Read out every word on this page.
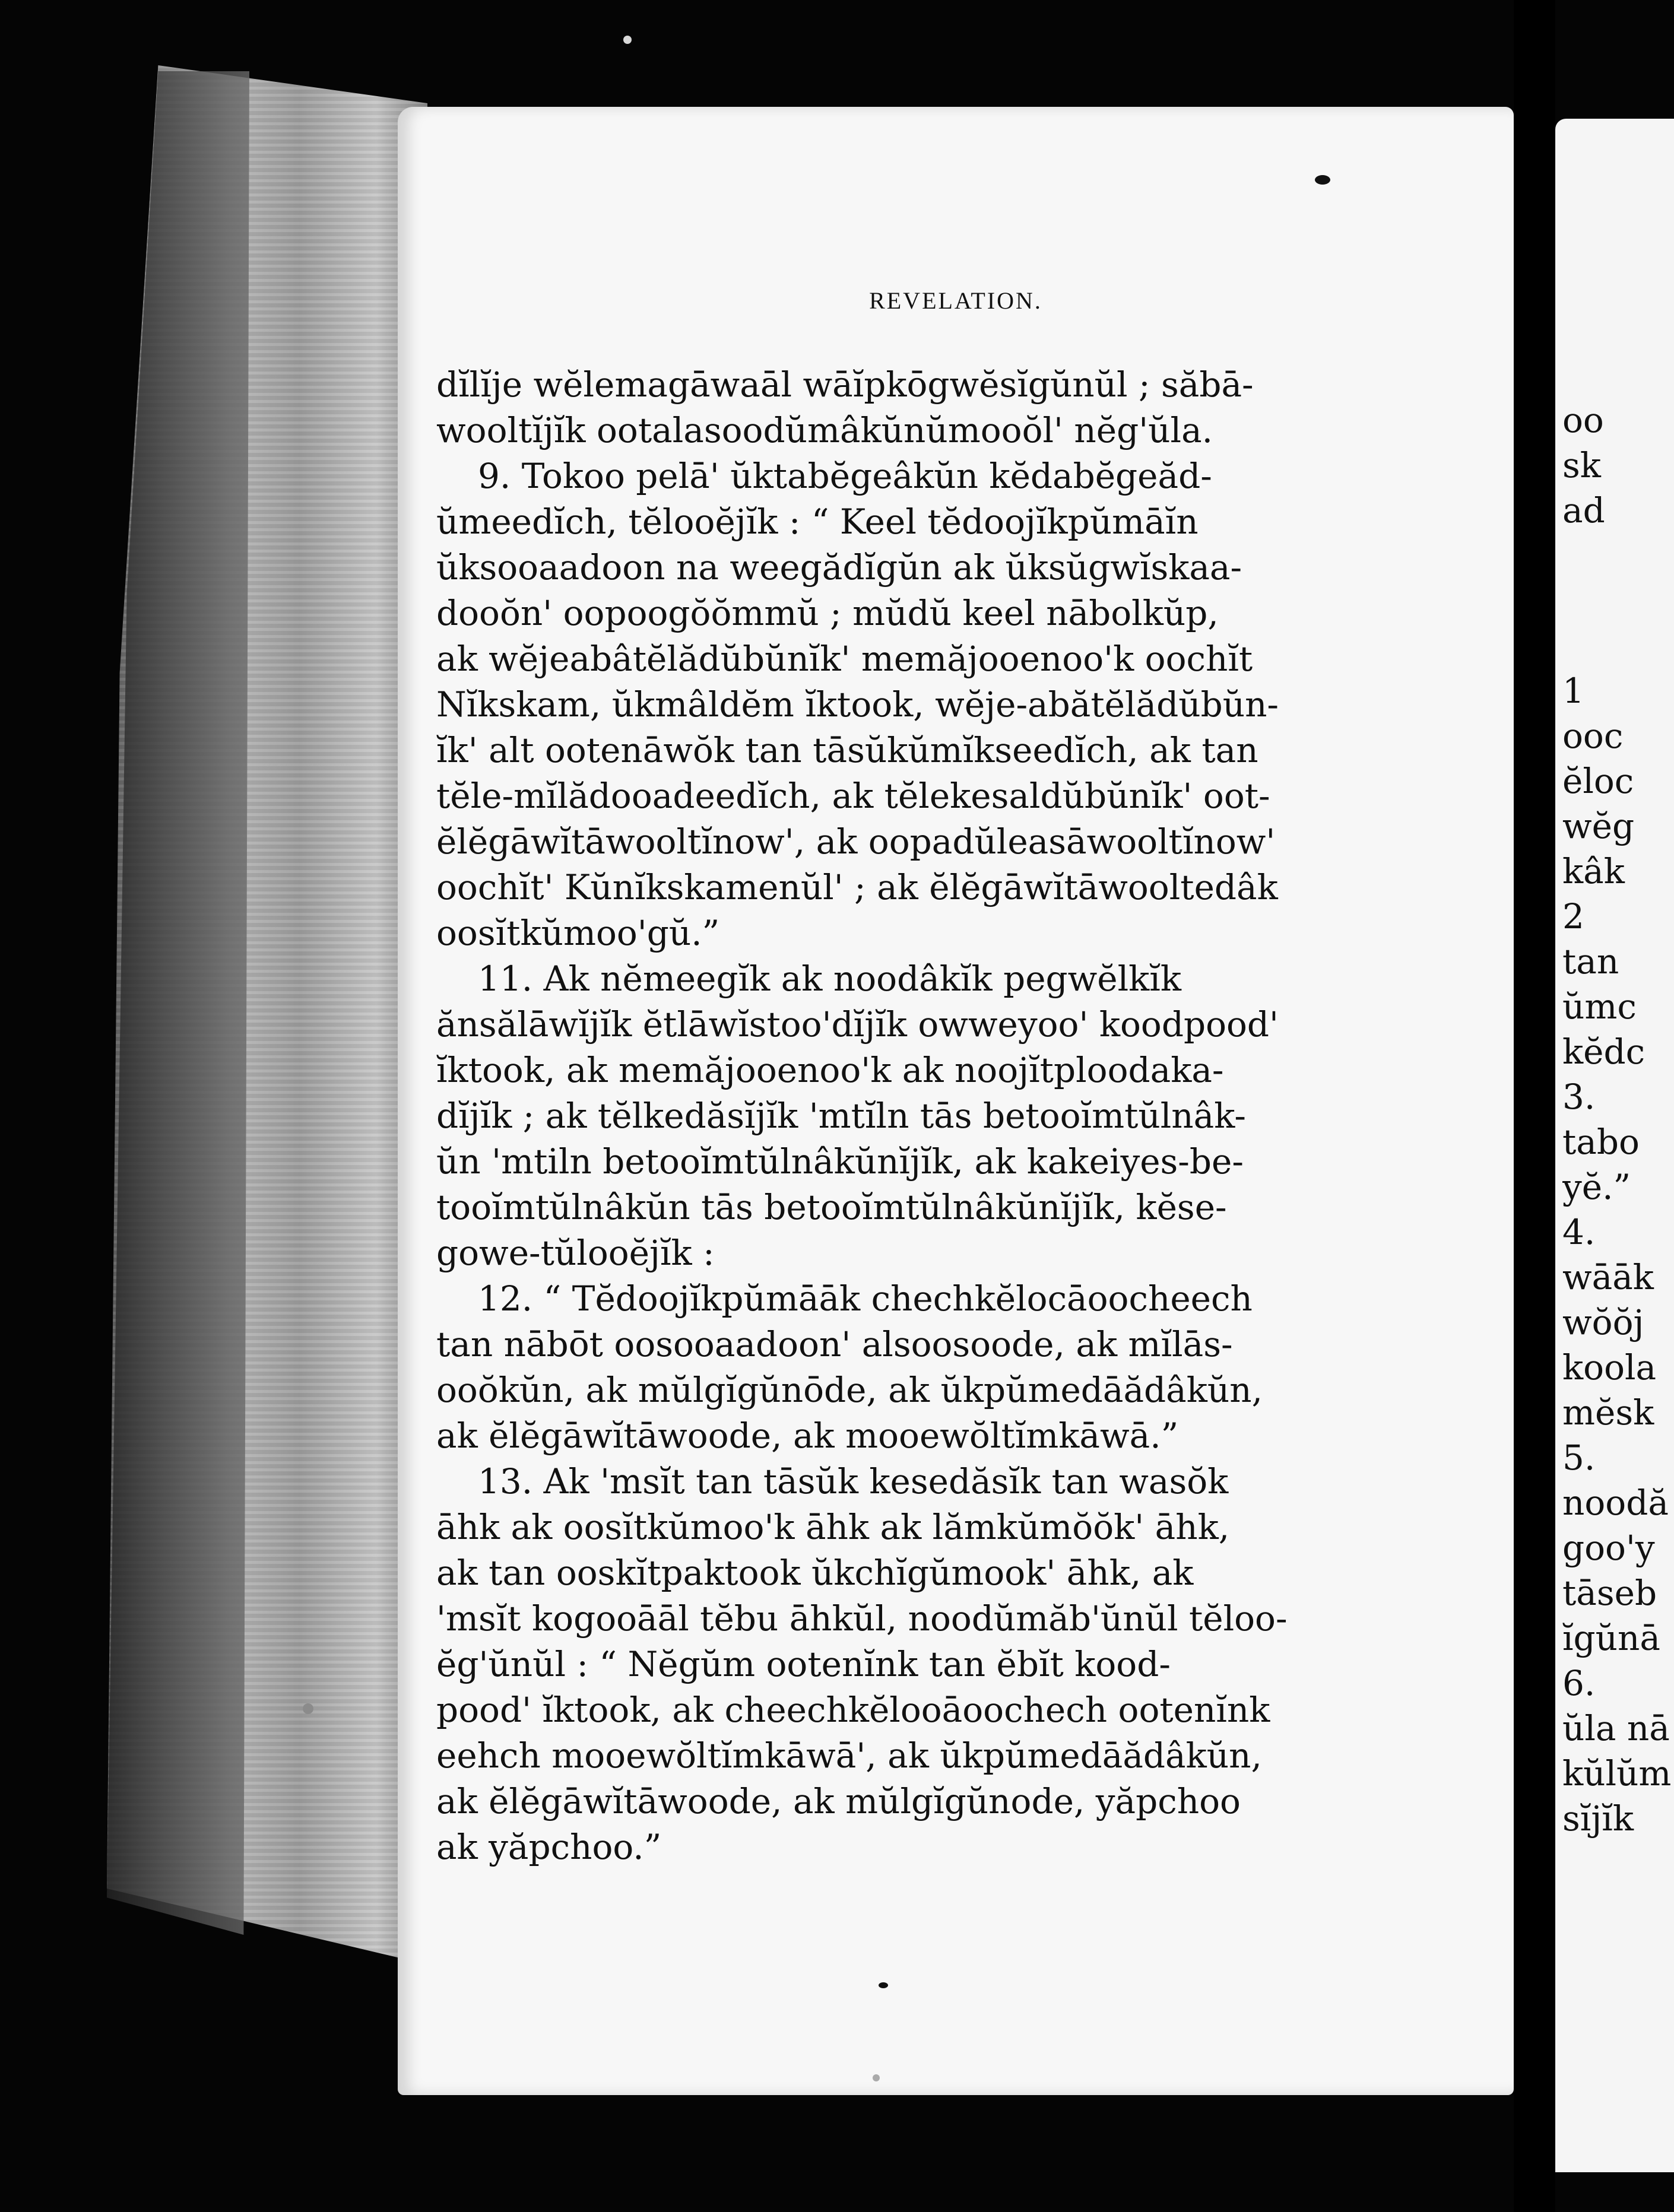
REVELATION.
dĭlĭje wĕlemagāwaāl wāĭpkōgwĕsĭgŭnŭl ; săbā-
wooltĭjĭk ootalasoodŭmâkŭnŭmooŏl' nĕg'ŭla.
9. Tokoo pelā' ŭktabĕgeâkŭn kĕdabĕgeăd-
ŭmeedĭch, tĕlooĕjĭk : “ Keel tĕdoojĭkpŭmāĭn
ŭksooaadoon na weegădĭgŭn ak ŭksŭgwĭskaa-
dooŏn' oopoogŏŏmmŭ ; mŭdŭ keel nābolkŭp,
ak wĕjeabâtĕlădŭbŭnĭk' memăjooenoo'k oochĭt
Nĭkskam, ŭkmâldĕm ĭktook, wĕje-abătĕlădŭbŭn-
ĭk' alt ootenāwŏk tan tāsŭkŭmĭkseedĭch, ak tan
tĕle-mĭlădooadeedĭch, ak tĕlekesaldŭbŭnĭk' oot-
ĕlĕgāwĭtāwooltĭnow', ak oopadŭleasāwooltĭnow'
oochĭt' Kŭnĭkskamenŭl' ; ak ĕlĕgāwĭtāwooltedâk
oosĭtkŭmoo'gŭ.”
11. Ak nĕmeegĭk ak noodâkĭk pegwĕlkĭk
ănsălāwĭjĭk ĕtlāwĭstoo'dĭjĭk owweyoo' koodpood'
ĭktook, ak memăjooenoo'k ak noojĭtploodaka-
dĭjĭk ; ak tĕlkedăsĭjĭk 'mtĭln tās betooĭmtŭlnâk-
ŭn 'mtiln betooĭmtŭlnâkŭnĭjĭk, ak kakeiyes-be-
tooĭmtŭlnâkŭn tās betooĭmtŭlnâkŭnĭjĭk, kĕse-
gowe-tŭlooĕjĭk :
12. “ Tĕdoojĭkpŭmāāk chechkĕlocāoocheech
tan nābōt oosooaadoon' alsoosoode, ak mĭlās-
ooŏkŭn, ak mŭlgĭgŭnōde, ak ŭkpŭmedāădâkŭn,
ak ĕlĕgāwĭtāwoode, ak mooewŏltĭmkāwā.”
13. Ak 'msĭt tan tāsŭk kesedăsĭk tan wasŏk
āhk ak oosĭtkŭmoo'k āhk ak lămkŭmŏŏk' āhk,
ak tan ooskĭtpaktook ŭkchĭgŭmook' āhk, ak
'msĭt kogooāāl tĕbu āhkŭl, noodŭmăb'ŭnŭl tĕloo-
ĕg'ŭnŭl : “ Nĕgŭm ootenĭnk tan ĕbĭt kood-
pood' ĭktook, ak cheechkĕlooāoochech ootenĭnk
eehch mooewŏltĭmkāwā', ak ŭkpŭmedāădâkŭn,
ak ĕlĕgāwĭtāwoode, ak mŭlgĭgŭnode, yăpchoo
ak yăpchoo.”
oo
sk
ad
1
ooc
ĕloc
wĕg
kâk
2
tan
ŭmc
kĕdc
3.
tabo
yĕ.”
4.
wāāk
wŏŏj
koola
mĕsk
5.
noodă
goo'y
tāseb
ĭgŭnā
6.
ŭla nā
kŭlŭm
sĭjĭk
